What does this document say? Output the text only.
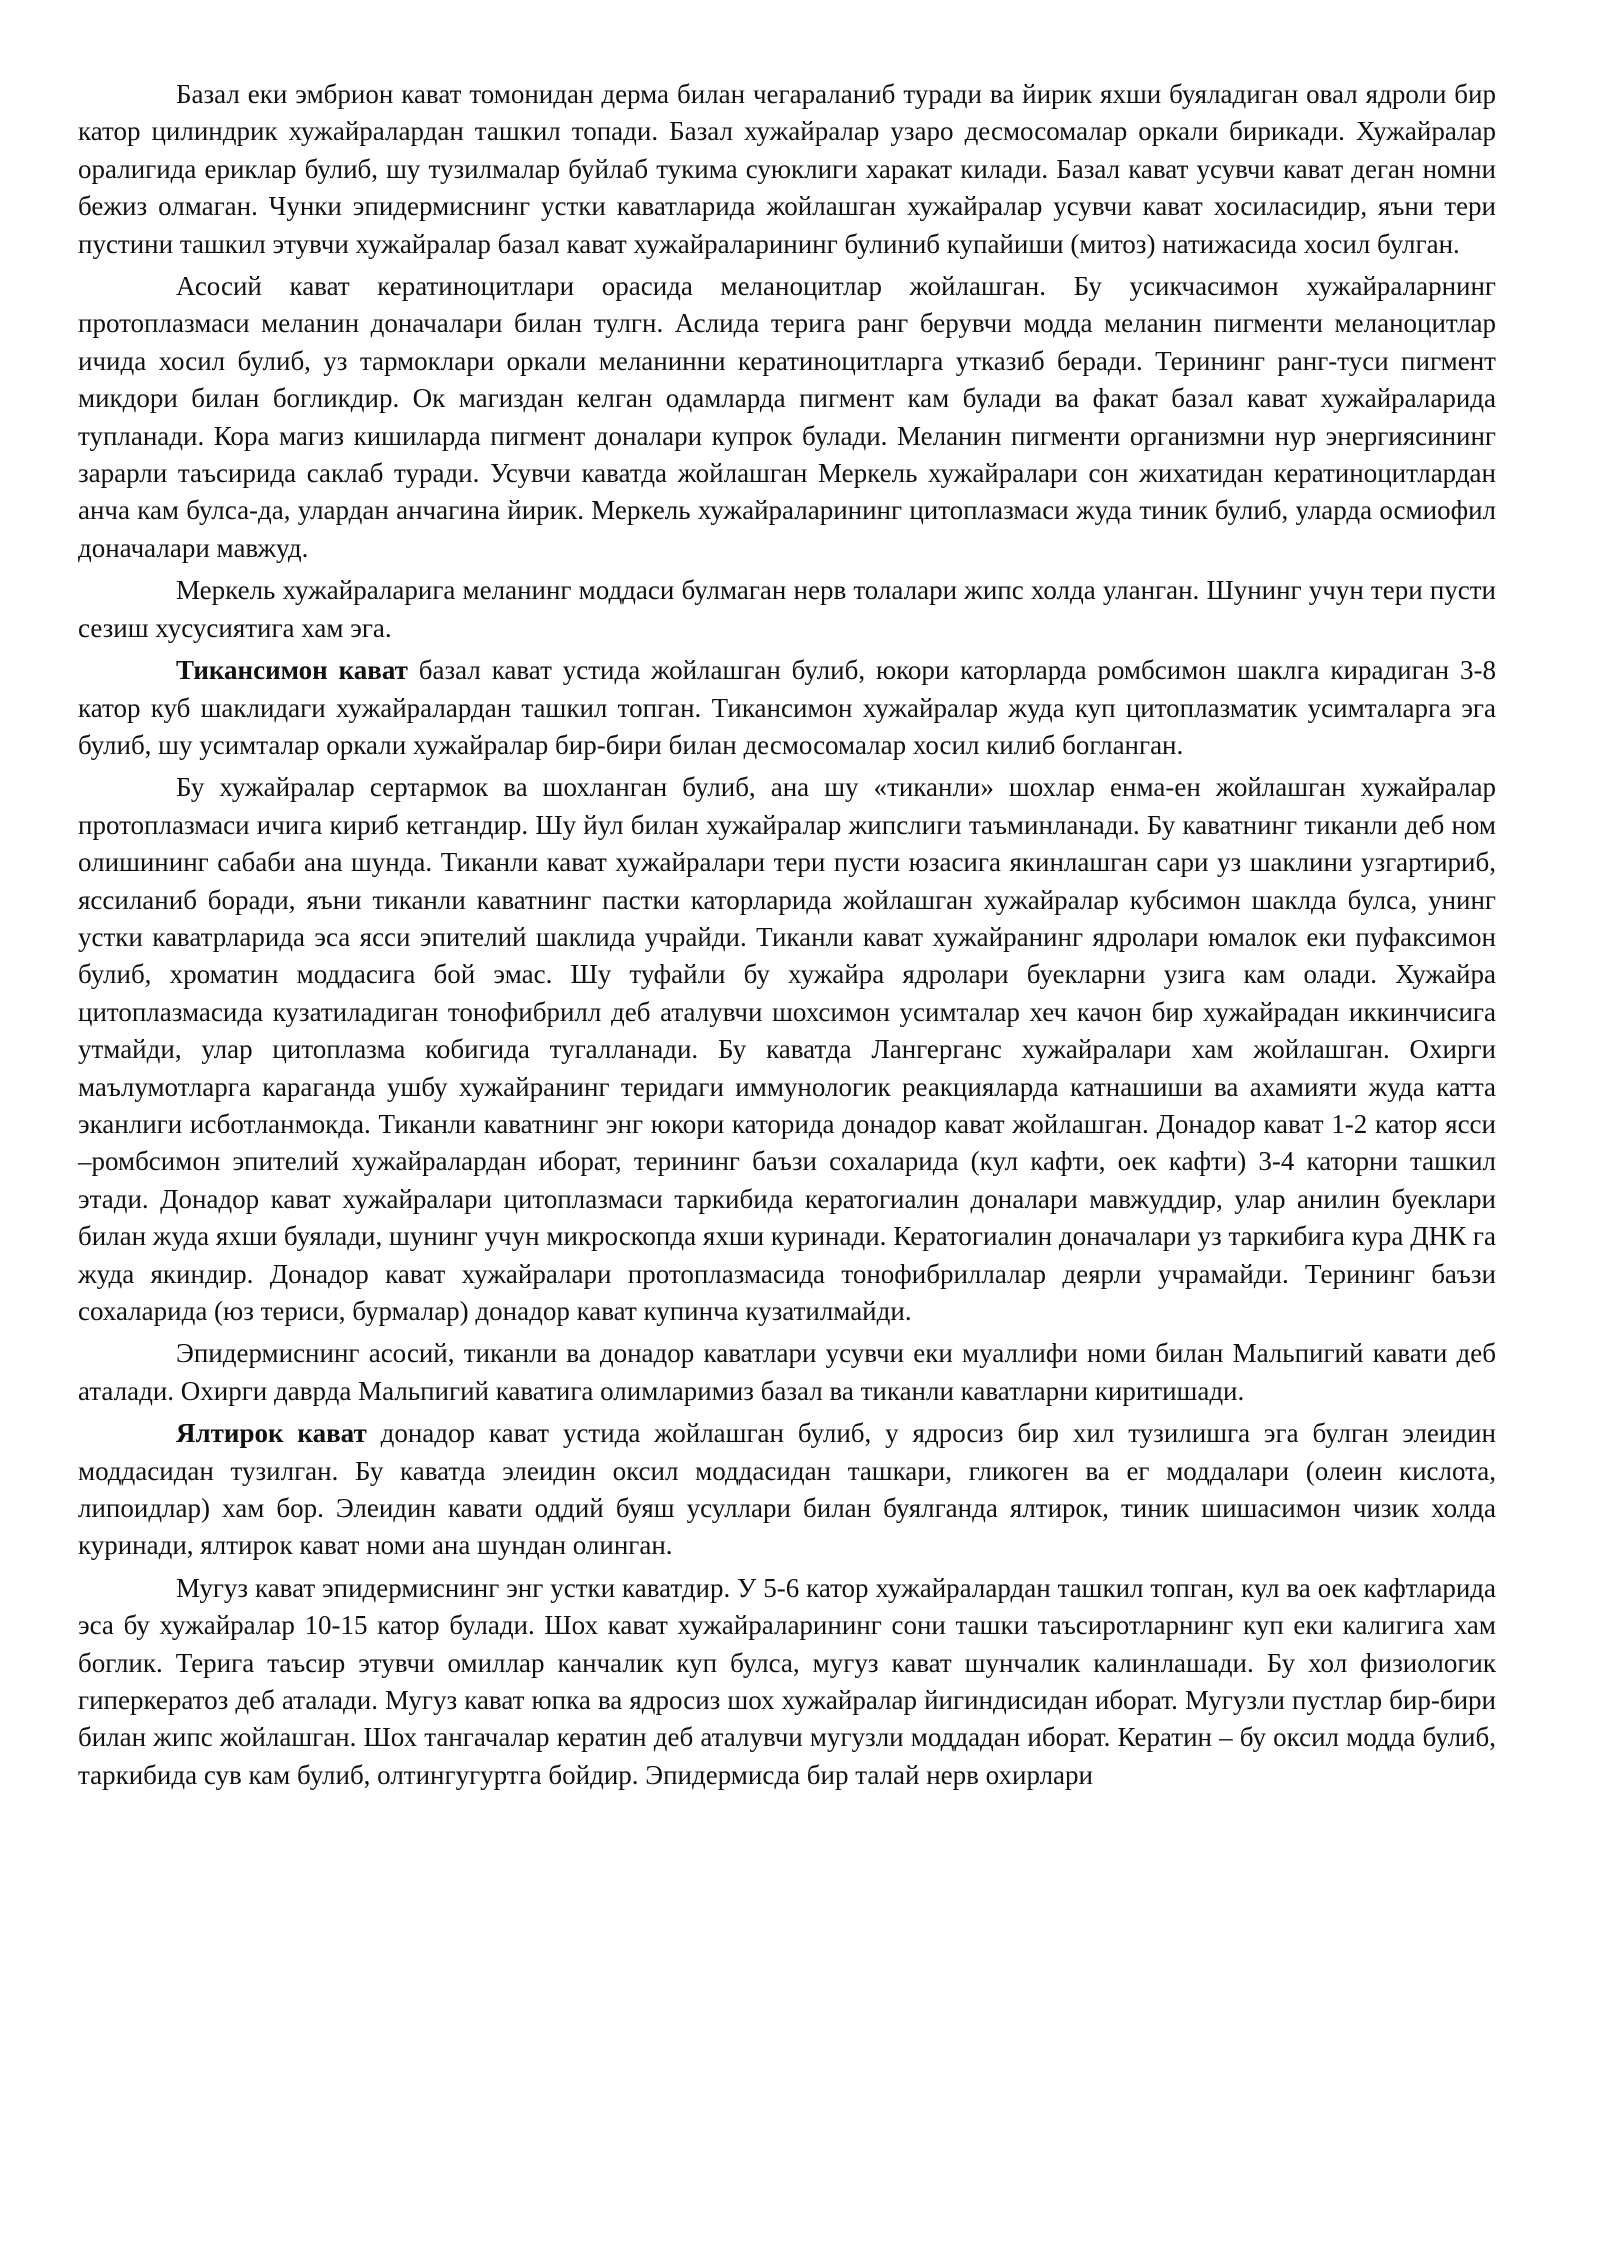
Базал еки эмбрион кават томонидан дерма билан чегараланиб туради ва йирик яхши буяладиган овал ядроли бир катор цилиндрик хужайралардан ташкил топади. Базал хужайралар узаро десмосомалар оркали бирикади. Хужайралар оралигида ериклар булиб, шу тузилмалар буйлаб тукима суюклиги харакат килади. Базал кават усувчи кават деган номни бежиз олмаган. Чунки эпидермиснинг устки каватларида жойлашган хужайралар усувчи кават хосиласидир, яъни тери пустини ташкил этувчи хужайралар базал кават хужайраларининг булиниб купайиши (митоз) натижасида хосил булган.

Асосий кават кератиноцитлари орасида меланоцитлар жойлашган. Бу усикчасимон хужайраларнинг протоплазмаси меланин доначалари билан тулгн. Аслида терига ранг берувчи модда меланин пигменти меланоцитлар ичида хосил булиб, уз тармоклари оркали меланинни кератиноцитларга утказиб беради. Терининг ранг-туси пигмент микдори билан богликдир. Ок магиздан келган одамларда пигмент кам булади ва факат базал кават хужайраларида тупланади. Кора магиз кишиларда пигмент доналари купрок булади. Меланин пигменти организмни нур энергиясининг зарарли таъсирида саклаб туради. Усувчи каватда жойлашган Меркель хужайралари сон жихатидан кератиноцитлардан анча кам булса-да, улардан анчагина йирик. Меркель хужайраларининг цитоплазмаси жуда тиник булиб, уларда осмиофил доначалари мавжуд.

Меркель хужайраларига меланинг моддаси булмаган нерв толалари жипс холда уланган. Шунинг учун тери пусти сезиш хусусиятига хам эга.

Тикансимон кават базал кават устида жойлашган булиб, юкори каторларда ромбсимон шаклга кирадиган 3-8 катор куб шаклидаги хужайралардан ташкил топган. Тикансимон хужайралар жуда куп цитоплазматик усимталарга эга булиб, шу усимталар оркали хужайралар бир-бири билан десмосомалар хосил килиб богланган.

Бу хужайралар сертармок ва шохланган булиб, ана шу «тиканли» шохлар енма-ен жойлашган хужайралар протоплазмаси ичига кириб кетгандир. Шу йул билан хужайралар жипслиги таъминланади. Бу каватнинг тиканли деб ном олишининг сабаби ана шунда. Тиканли кават хужайралари тери пусти юзасига якинлашган сари уз шаклини узгартириб, яссиланиб боради, яъни тиканли каватнинг пастки каторларида жойлашган хужайралар кубсимон шаклда булса, унинг устки каватрларида эса ясси эпителий шаклида учрайди. Тиканли кават хужайранинг ядролари юмалок еки пуфаксимон булиб, хроматин моддасига бой эмас. Шу туфайли бу хужайра ядролари буекларни узига кам олади. Хужайра цитоплазмасида кузатиладиган тонофибрилл деб аталувчи шохсимон усимталар хеч качон бир хужайрадан иккинчисига утмайди, улар цитоплазма кобигида тугалланади. Бу каватда Лангерганс хужайралари хам жойлашган. Охирги маълумотларга караганда ушбу хужайранинг теридаги иммунологик реакцияларда катнашиши ва ахамияти жуда катта эканлиги исботланмокда. Тиканли каватнинг энг юкори каторида донадор кават жойлашган. Донадор кават 1-2 катор ясси –ромбсимон эпителий хужайралардан иборат, терининг баъзи сохаларида (кул кафти, оек кафти) 3-4 каторни ташкил этади. Донадор кават хужайралари цитоплазмаси таркибида кератогиалин доналари мавжуддир, улар анилин буеклари билан жуда яхши буялади, шунинг учун микроскопда яхши куринади. Кератогиалин доначалари уз таркибига кура ДНК га жуда якиндир. Донадор кават хужайралари протоплазмасида тонофибриллалар деярли учрамайди. Терининг баъзи сохаларида (юз териси, бурмалар) донадор кават купинча кузатилмайди.

Эпидермиснинг асосий, тиканли ва донадор каватлари усувчи еки муаллифи номи билан Мальпигий кавати деб аталади. Охирги даврда Мальпигий каватига олимларимиз базал ва тиканли каватларни киритишади.

Ялтирок кават донадор кават устида жойлашган булиб, у ядросиз бир хил тузилишга эга булган элеидин моддасидан тузилган. Бу каватда элеидин оксил моддасидан ташкари, гликоген ва ег моддалари (олеин кислота, липоидлар) хам бор. Элеидин кавати оддий буяш усуллари билан буялганда ялтирок, тиник шишасимон чизик холда куринади, ялтирок кават номи ана шундан олинган.

Мугуз кават эпидермиснинг энг устки каватдир. У 5-6 катор хужайралардан ташкил топган, кул ва оек кафтларида эса бу хужайралар 10-15 катор булади. Шох кават хужайраларининг сони ташки таъсиротларнинг куп еки калигига хам боглик. Терига таъсир этувчи омиллар канчалик куп булса, мугуз кават шунчалик калинлашади. Бу хол физиологик гиперкератоз деб аталади. Мугуз кават юпка ва ядросиз шох хужайралар йигиндисидан иборат. Мугузли пустлар бир-бири билан жипс жойлашган. Шох тангачалар кератин деб аталувчи мугузли моддадан иборат. Кератин – бу оксил модда булиб, таркибида сув кам булиб, олтингугуртга бойдир. Эпидермисда бир талай нерв охирлари
